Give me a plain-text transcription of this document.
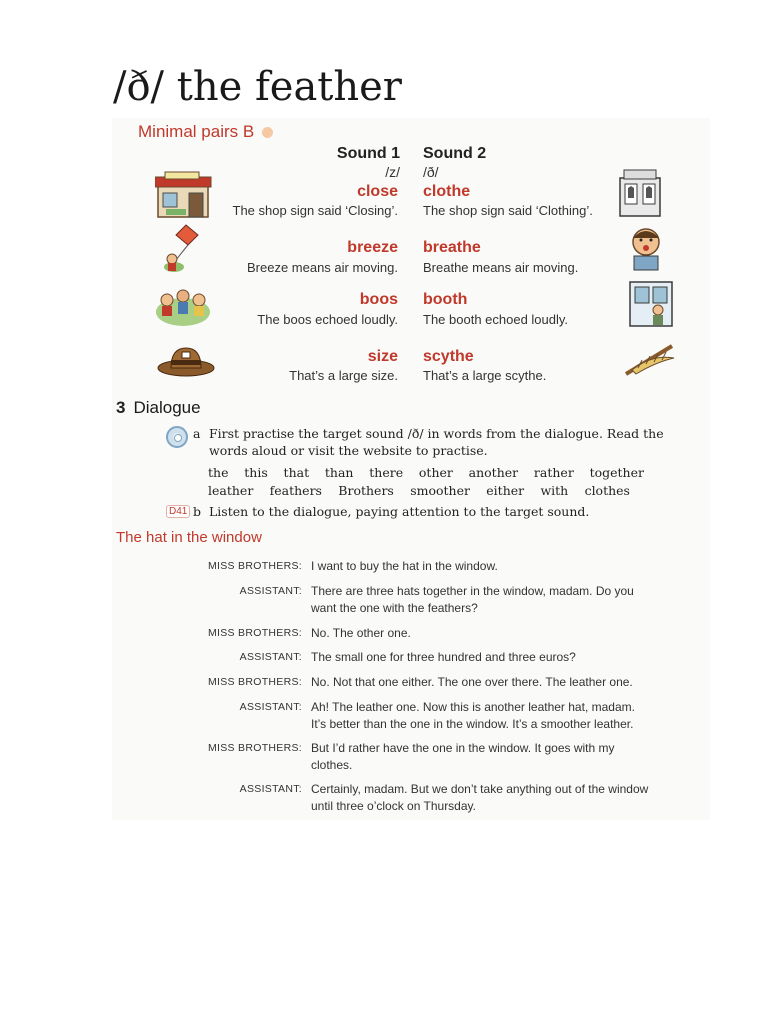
/ð/ the feather
Minimal pairs B
Sound 1 Sound 2
/z/ /ð/
close
The shop sign said ‘Closing’.
clothe
The shop sign said ‘Clothing’.
breeze
Breeze means air moving.
breathe
Breathe means air moving.
boos
The boos echoed loudly.
booth
The booth echoed loudly.
size
That’s a large size.
scythe
That’s a large scythe.
3 Dialogue
a First practise the target sound /ð/ in words from the dialogue. Read the
words aloud or visit the website to practise.
the this that than there other another rather together
leather feathers Brothers smoother either with clothes
D41 b Listen to the dialogue, paying attention to the target sound.
The hat in the window
MISS BROTHERS: I want to buy the hat in the window.
ASSISTANT: There are three hats together in the window, madam. Do you
want the one with the feathers?
MISS BROTHERS: No. The other one.
ASSISTANT: The small one for three hundred and three euros?
MISS BROTHERS: No. Not that one either. The one over there. The leather one.
ASSISTANT: Ah! The leather one. Now this is another leather hat, madam.
It’s better than the one in the window. It’s a smoother leather.
MISS BROTHERS: But I’d rather have the one in the window. It goes with my
clothes.
ASSISTANT: Certainly, madam. But we don’t take anything out of the window
until three o’clock on Thursday.
